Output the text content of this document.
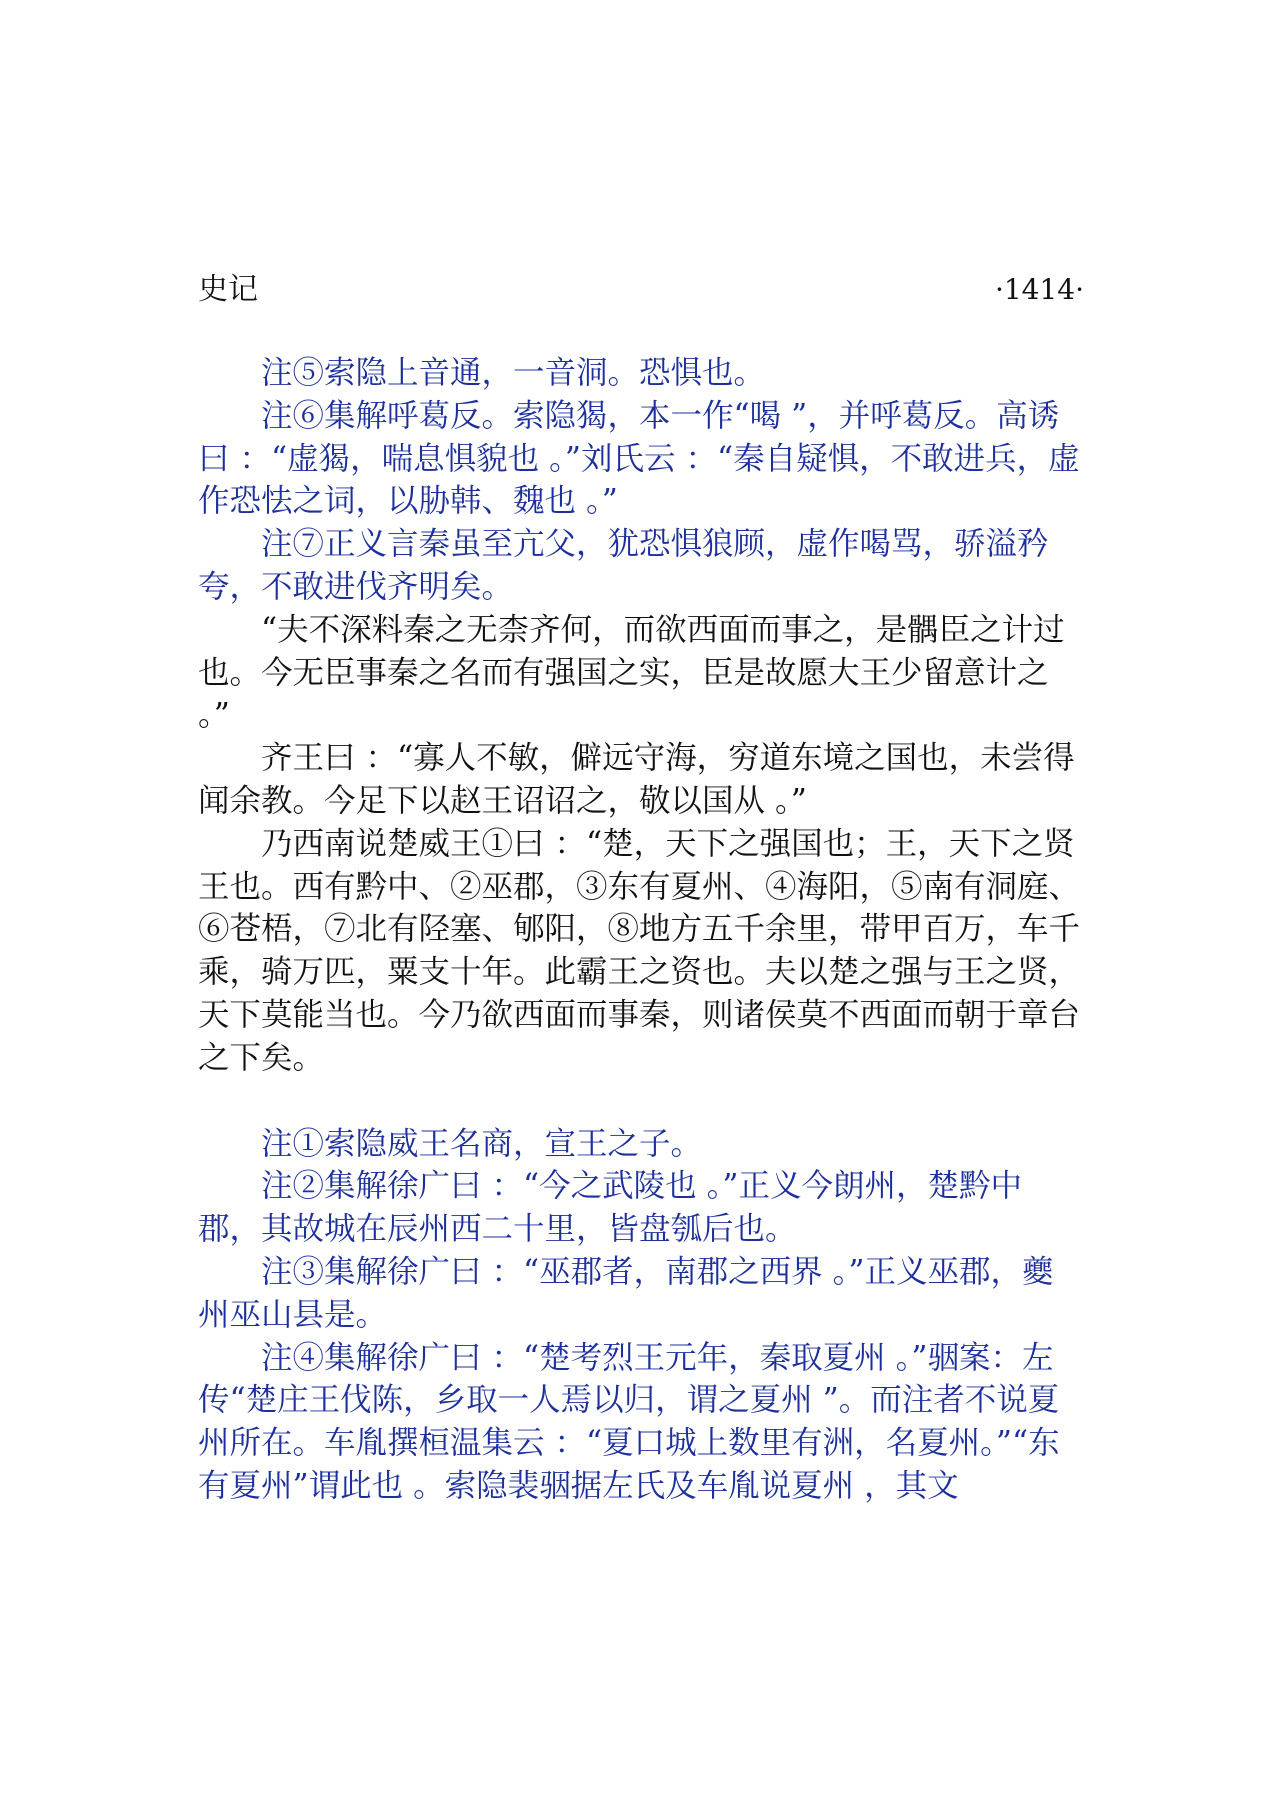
史记	·1414·

注⑤索隐上音通，一音洞。恐惧也。

注⑥集解呼葛反。索隐猲，本一作“喝 ”，并呼葛反。高诱曰 ：“虚猲，喘息惧貌也 。”刘氏云 ：“秦自疑惧，不敢进兵，虚作恐怯之词，以胁韩、魏也 。”

注⑦正义言秦虽至亢父，犹恐惧狼顾，虚作喝骂，骄溢矜夸，不敢进伐齐明矣。

“夫不深料秦之无柰齐何，而欲西面而事之，是髃臣之计过也。今无臣事秦之名而有强国之实，臣是故愿大王少留意计之 。”

齐王曰 ：“寡人不敏，僻远守海，穷道东境之国也，未尝得闻余教。今足下以赵王诏诏之，敬以国从 。”

乃西南说楚威王①曰 ：“楚，天下之强国也；王，天下之贤王也。西有黔中、②巫郡，③东有夏州、④海阳，⑤南有洞庭、⑥苍梧，⑦北有陉塞、郇阳，⑧地方五千余里，带甲百万，车千乘，骑万匹，粟支十年。此霸王之资也。夫以楚之强与王之贤，天下莫能当也。今乃欲西面而事秦，则诸侯莫不西面而朝于章台之下矣。

注①索隐威王名商，宣王之子。

注②集解徐广曰 ：“今之武陵也 。”正义今朗州，楚黔中郡，其故城在辰州西二十里，皆盘瓠后也。

注③集解徐广曰 ：“巫郡者，南郡之西界 。”正义巫郡，夔州巫山县是。

注④集解徐广曰 ：“楚考烈王元年，秦取夏州 。”骃案：左传“楚庄王伐陈，乡取一人焉以归，谓之夏州 ”。而注者不说夏州所在。车胤撰桓温集云 ：“夏口城上数里有洲，名夏州。”“东有夏州”谓此也 。索隐裴骃据左氏及车胤说夏州 ，其文
